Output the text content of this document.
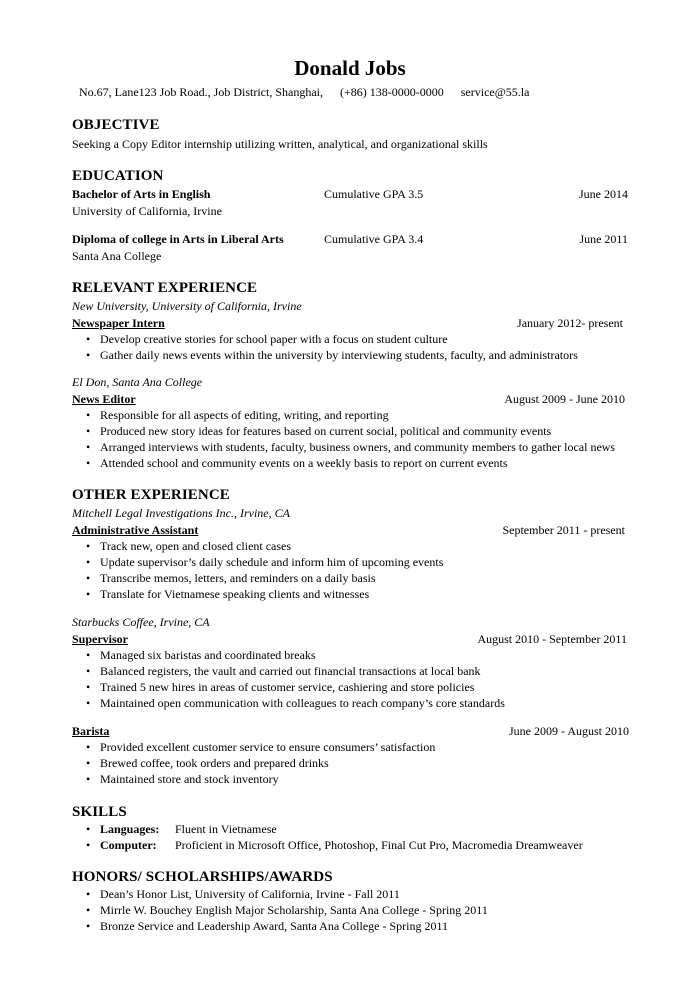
Donald Jobs
No.67, Lane123 Job Road., Job District, Shanghai, (+86) 138-0000-0000 service@55.la
OBJECTIVE
Seeking a Copy Editor internship utilizing written, analytical, and organizational skills
EDUCATION
Bachelor of Arts in English	Cumulative GPA 3.5	June 2014
University of California, Irvine
Diploma of college in Arts in Liberal Arts	Cumulative GPA 3.4	June 2011
Santa Ana College
RELEVANT EXPERIENCE
New University, University of California, Irvine
Newspaper Intern	January 2012- present
• Develop creative stories for school paper with a focus on student culture
• Gather daily news events within the university by interviewing students, faculty, and administrators
El Don, Santa Ana College
News Editor	August 2009 - June 2010
• Responsible for all aspects of editing, writing, and reporting
• Produced new story ideas for features based on current social, political and community events
• Arranged interviews with students, faculty, business owners, and community members to gather local news
• Attended school and community events on a weekly basis to report on current events
OTHER EXPERIENCE
Mitchell Legal Investigations Inc., Irvine, CA
Administrative Assistant	September 2011 - present
• Track new, open and closed client cases
• Update supervisor’s daily schedule and inform him of upcoming events
• Transcribe memos, letters, and reminders on a daily basis
• Translate for Vietnamese speaking clients and witnesses
Starbucks Coffee, Irvine, CA
Supervisor	August 2010 - September 2011
• Managed six baristas and coordinated breaks
• Balanced registers, the vault and carried out financial transactions at local bank
• Trained 5 new hires in areas of customer service, cashiering and store policies
• Maintained open communication with colleagues to reach company’s core standards
Barista	June 2009 - August 2010
• Provided excellent customer service to ensure consumers’ satisfaction
• Brewed coffee, took orders and prepared drinks
• Maintained store and stock inventory
SKILLS
• Languages: Fluent in Vietnamese
• Computer: Proficient in Microsoft Office, Photoshop, Final Cut Pro, Macromedia Dreamweaver
HONORS/ SCHOLARSHIPS/AWARDS
• Dean’s Honor List, University of California, Irvine - Fall 2011
• Mirrle W. Bouchey English Major Scholarship, Santa Ana College - Spring 2011
• Bronze Service and Leadership Award, Santa Ana College - Spring 2011
